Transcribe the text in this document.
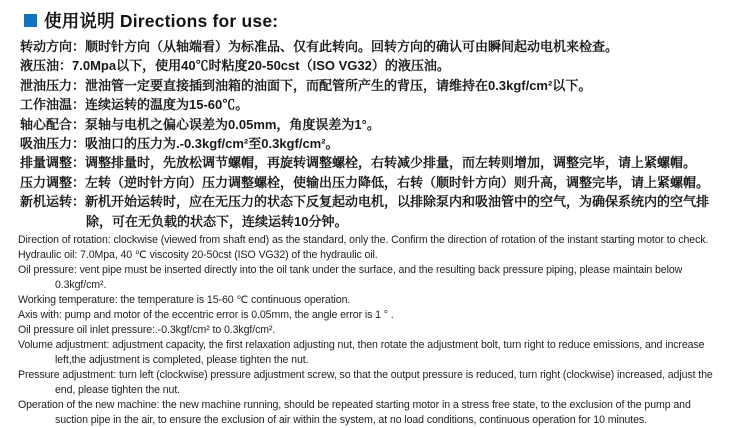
使用说明 Directions for use:

转动方向：顺时针方向（从轴端看）为标准品、仅有此转向。回转方向的确认可由瞬间起动电机来检查。

液压油：7.0Mpa以下，使用40℃时粘度20-50cst（ISO VG32）的液压油。

泄油压力：泄油管一定要直接插到油箱的油面下，而配管所产生的背压，请维持在0.3kgf/cm²以下。

工作油温：连续运转的温度为15-60℃。

轴心配合：泵轴与电机之偏心误差为0.05mm，角度误差为1°。

吸油压力：吸油口的压力为.-0.3kgf/cm²至0.3kgf/cm²。

排量调整：调整排量时，先放松调节螺帽，再旋转调整螺栓，右转减少排量，而左转则增加，调整完毕，请上紧螺帽。

压力调整：左转（逆时针方向）压力调整螺栓，使输出压力降低，右转（顺时针方向）则升高，调整完毕，请上紧螺帽。

新机运转：新机开始运转时，应在无压力的状态下反复起动电机，以排除泵内和吸油管中的空气，为确保系统内的空气排除，可在无负载的状态下，连续运转10分钟。

Direction of rotation: clockwise (viewed from shaft end) as the standard, only the. Confirm the direction of rotation of the instant starting motor to check.

Hydraulic oil: 7.0Mpa, 40 ℃ viscosity 20-50cst (ISO VG32) of the hydraulic oil.

Oil pressure: vent pipe must be inserted directly into the oil tank under the surface, and the resulting back pressure piping, please maintain below 0.3kgf/cm².

Working temperature: the temperature is 15-60 ℃ continuous operation.

Axis with: pump and motor of the eccentric error is 0.05mm, the angle error is 1 ° .

Oil pressure oil inlet pressure:.-0.3kgf/cm² to 0.3kgf/cm².

Volume adjustment: adjustment capacity, the first relaxation adjusting nut, then rotate the adjustment bolt, turn right to reduce emissions, and increase left,the adjustment is completed, please tighten the nut.

Pressure adjustment: turn left (clockwise) pressure adjustment screw, so that the output pressure is reduced, turn right (clockwise) increased, adjust the end, please tighten the nut.

Operation of the new machine: the new machine running, should be repeated starting motor in a stress free state, to the exclusion of the pump and suction pipe in the air, to ensure the exclusion of air within the system, at no load conditions, continuous operation for 10 minutes.
